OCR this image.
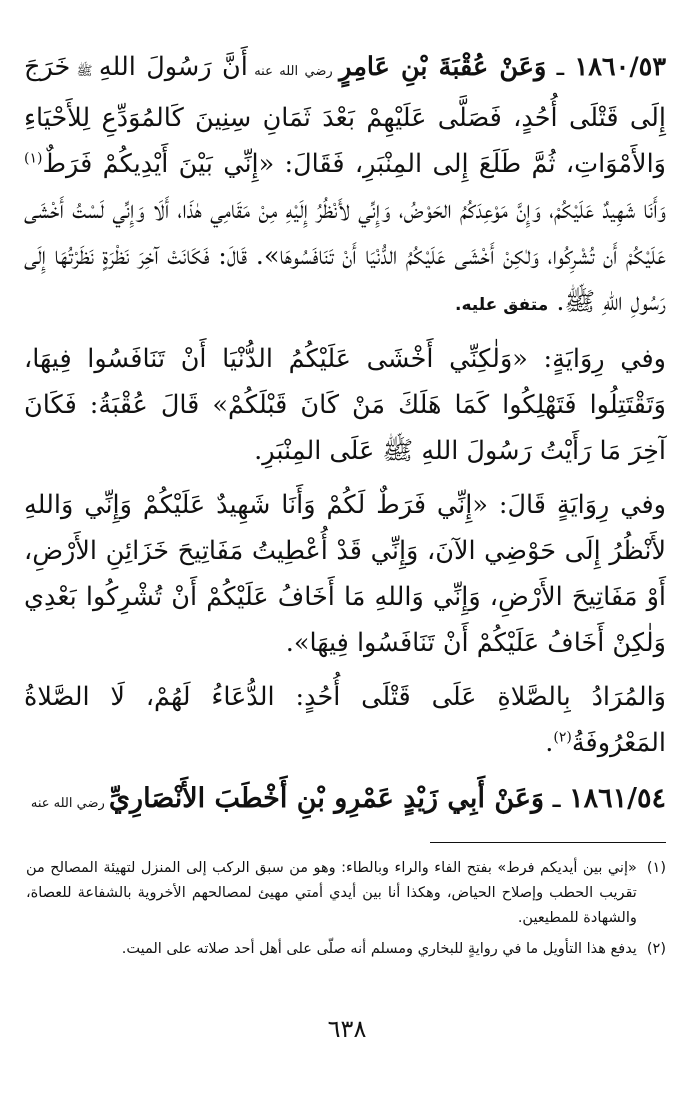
١٨٦٠/٥٣ ـ وَعَنْ عُقْبَةَ بْنِ عَامِرٍ رضي الله عنه أَنَّ رَسُولَ اللهِ ﷺ خَرَجَ إِلَى قَتْلَى أُحُدٍ، فَصَلَّى عَلَيْهِمْ بَعْدَ ثَمَانِ سِنِينَ كَالمُوَدِّعِ لِلأَحْيَاءِ وَالأَمْوَاتِ، ثُمَّ طَلَعَ إِلى المِنْبَرِ، فَقَالَ: «إِنِّي بَيْنَ أَيْدِيكُمْ فَرَطٌ$^{(١)}$ وَأَنَا شَهِيدٌ عَلَيْكُمْ، وَإِنَّ مَوْعِدَكُمُ الحَوْضُ، وَإِنِّي لأَنْظُرُ إِلَيْهِ مِنْ مَقَامِي هٰذَا، أَلَا وَإِنِّي لَسْتُ أَخْشَى عَلَيْكُمْ أَن تُشْرِكُوا، وَلٰكِنْ أَخْشَى عَلَيْكُمُ الدُّنْيَا أَنْ تَنَافَسُوهَا». قَالَ: فَكَانَتْ آخِرَ نَظْرَةٍ نَظَرْتُهَا إِلَى رَسُولِ اللهِ ﷺ. متفق عليه.

وفي رِوَايَةٍ: «وَلٰكِنِّي أَخْشَى عَلَيْكُمُ الدُّنْيَا أَنْ تَنَافَسُوا فِيهَا، وَتَقْتَتِلُوا فَتَهْلِكُوا كَمَا هَلَكَ مَنْ كَانَ قَبْلَكُمْ» قَالَ عُقْبَةُ: فَكَانَ آخِرَ مَا رَأَيْتُ رَسُولَ اللهِ ﷺ عَلَى المِنْبَرِ.

وفي رِوَايَةٍ قَالَ: «إِنِّي فَرَطٌ لَكُمْ وَأَنَا شَهِيدٌ عَلَيْكُمْ وَإِنِّي وَاللهِ لأَنْظُرُ إِلَى حَوْضِي الآنَ، وَإِنِّي قَدْ أُعْطِيتُ مَفَاتِيحَ خَزَائِنِ الأَرْضِ، أَوْ مَفَاتِيحَ الأَرْضِ، وَإِنِّي وَاللهِ مَا أَخَافُ عَلَيْكُمْ أَنْ تُشْرِكُوا بَعْدِي وَلٰكِنْ أَخَافُ عَلَيْكُمْ أَنْ تَنَافَسُوا فِيهَا».

وَالمُرَادُ بِالصَّلاةِ عَلَى قَتْلَى أُحُدٍ: الدُّعَاءُ لَهُمْ، لَا الصَّلاةُ المَعْرُوفَةُ$^{(٢)}$.

١٨٦١/٥٤ ـ وَعَنْ أَبِي زَيْدٍ عَمْرِو بْنِ أَخْطَبَ الأَنْصَارِيِّ رضي الله عنه

(١)
«إني بين أيديكم فرط» بفتح الفاء والراء وبالطاء: وهو من سبق الركب إلى المنزل لتهيئة المصالح من تقريب الحطب وإصلاح الحياض، وهكذا أنا بين أيدي أمتي مهيئ لمصالحهم الأخروية بالشفاعة للعصاة، والشهادة للمطيعين.
(٢)
يدفع هذا التأويل ما في روايةٍ للبخاري ومسلم أنه صلّى على أهل أحد صلاته على الميت.
٦٣٨
